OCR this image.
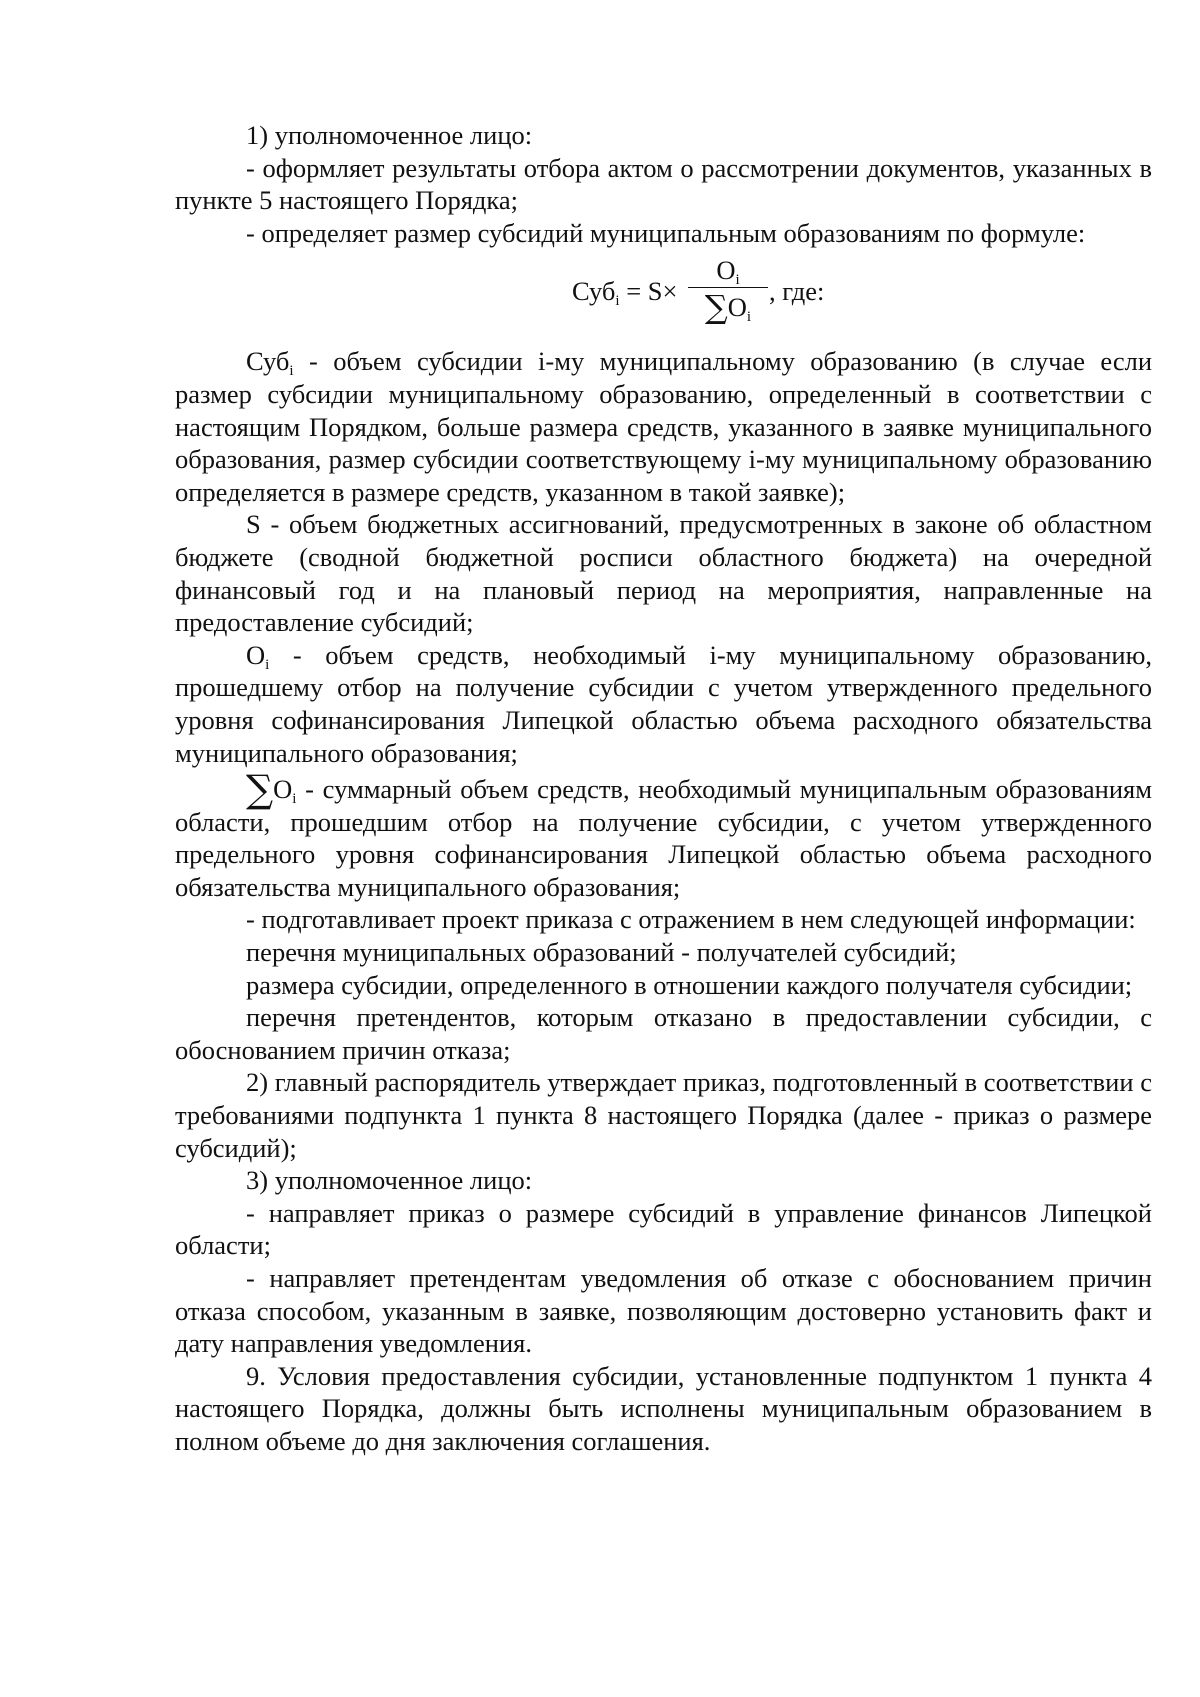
1) уполномоченное лицо:

- оформляет результаты отбора актом о рассмотрении документов, указанных в пункте 5 настоящего Порядка;

- определяет размер субсидий муниципальным образованиям по формуле:

Суб$_i$ = S×
$O_i$
$\sum O_i$
, где:

Суб$_i$ - объем субсидии i-му муниципальному образованию (в случае если размер субсидии муниципальному образованию, определенный в соответствии с настоящим Порядком, больше размера средств, указанного в заявке муниципального образования, размер субсидии соответствующему i-му муниципальному образованию определяется в размере средств, указанном в такой заявке);

S - объем бюджетных ассигнований, предусмотренных в законе об областном бюджете (сводной бюджетной росписи областного бюджета) на очередной финансовый год и на плановый период на мероприятия, направленные на предоставление субсидий;

$O_i$ - объем средств, необходимый i-му муниципальному образованию, прошедшему отбор на получение субсидии с учетом утвержденного предельного уровня софинансирования Липецкой областью объема расходного обязательства муниципального образования;

$\sum O_i$ - суммарный объем средств, необходимый муниципальным образованиям области, прошедшим отбор на получение субсидии, с учетом утвержденного предельного уровня софинансирования Липецкой областью объема расходного обязательства муниципального образования;

- подготавливает проект приказа с отражением в нем следующей информации:

перечня муниципальных образований - получателей субсидий;

размера субсидии, определенного в отношении каждого получателя субсидии;

перечня претендентов, которым отказано в предоставлении субсидии, с обоснованием причин отказа;

2) главный распорядитель утверждает приказ, подготовленный в соответствии с требованиями подпункта 1 пункта 8 настоящего Порядка (далее - приказ о размере субсидий);

3) уполномоченное лицо:

- направляет приказ о размере субсидий в управление финансов Липецкой области;

- направляет претендентам уведомления об отказе с обоснованием причин отказа способом, указанным в заявке, позволяющим достоверно установить факт и дату направления уведомления.

9. Условия предоставления субсидии, установленные подпунктом 1 пункта 4 настоящего Порядка, должны быть исполнены муниципальным образованием в полном объеме до дня заключения соглашения.
